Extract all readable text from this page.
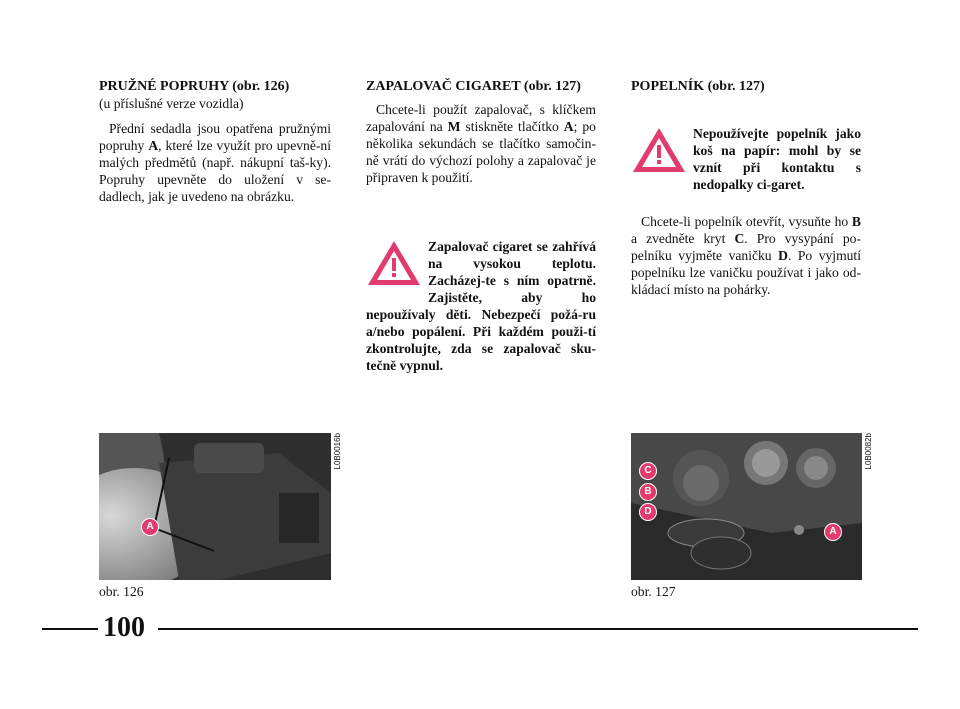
PRUŽNÉ POPRUHY (obr. 126)
(u příslušné verze vozidla)

Přední sedadla jsou opatřena pružnými popruhy A, které lze využít pro upevně-ní malých předmětů (např. nákupní taš-ky). Popruhy upevněte do uložení v se-dadlech, jak je uvedeno na obrázku.

ZAPALOVAČ CIGARET (obr. 127)

Chcete-li použít zapalovač, s klíčkem zapalování na M stiskněte tlačítko A; po několika sekundách se tlačítko samočin-ně vrátí do výchozí polohy a zapalovač je připraven k použití.

Zapalovač cigaret se zahřívá na vysokou teplotu. Zacházej-te s ním opatrně. Zajistěte, aby ho nepoužívaly děti. Nebezpečí požá-ru a/nebo popálení. Při každém použi-tí zkontrolujte, zda se zapalovač sku-tečně vypnul.
POPELNÍK (obr. 127)
Nepoužívejte popelník jako koš na papír: mohl by se vznít při kontaktu s nedopalky ci-garet.

Chcete-li popelník otevřít, vysuňte ho B a zvedněte kryt C. Pro vysypání po-pelníku vyjměte vaničku D. Po vyjmutí popelníku lze vaničku používat i jako od-kládací místo na pohárky.

A
L0B0016b
obr. 126
C
B
D
A
L0B0082b
obr. 127
100
